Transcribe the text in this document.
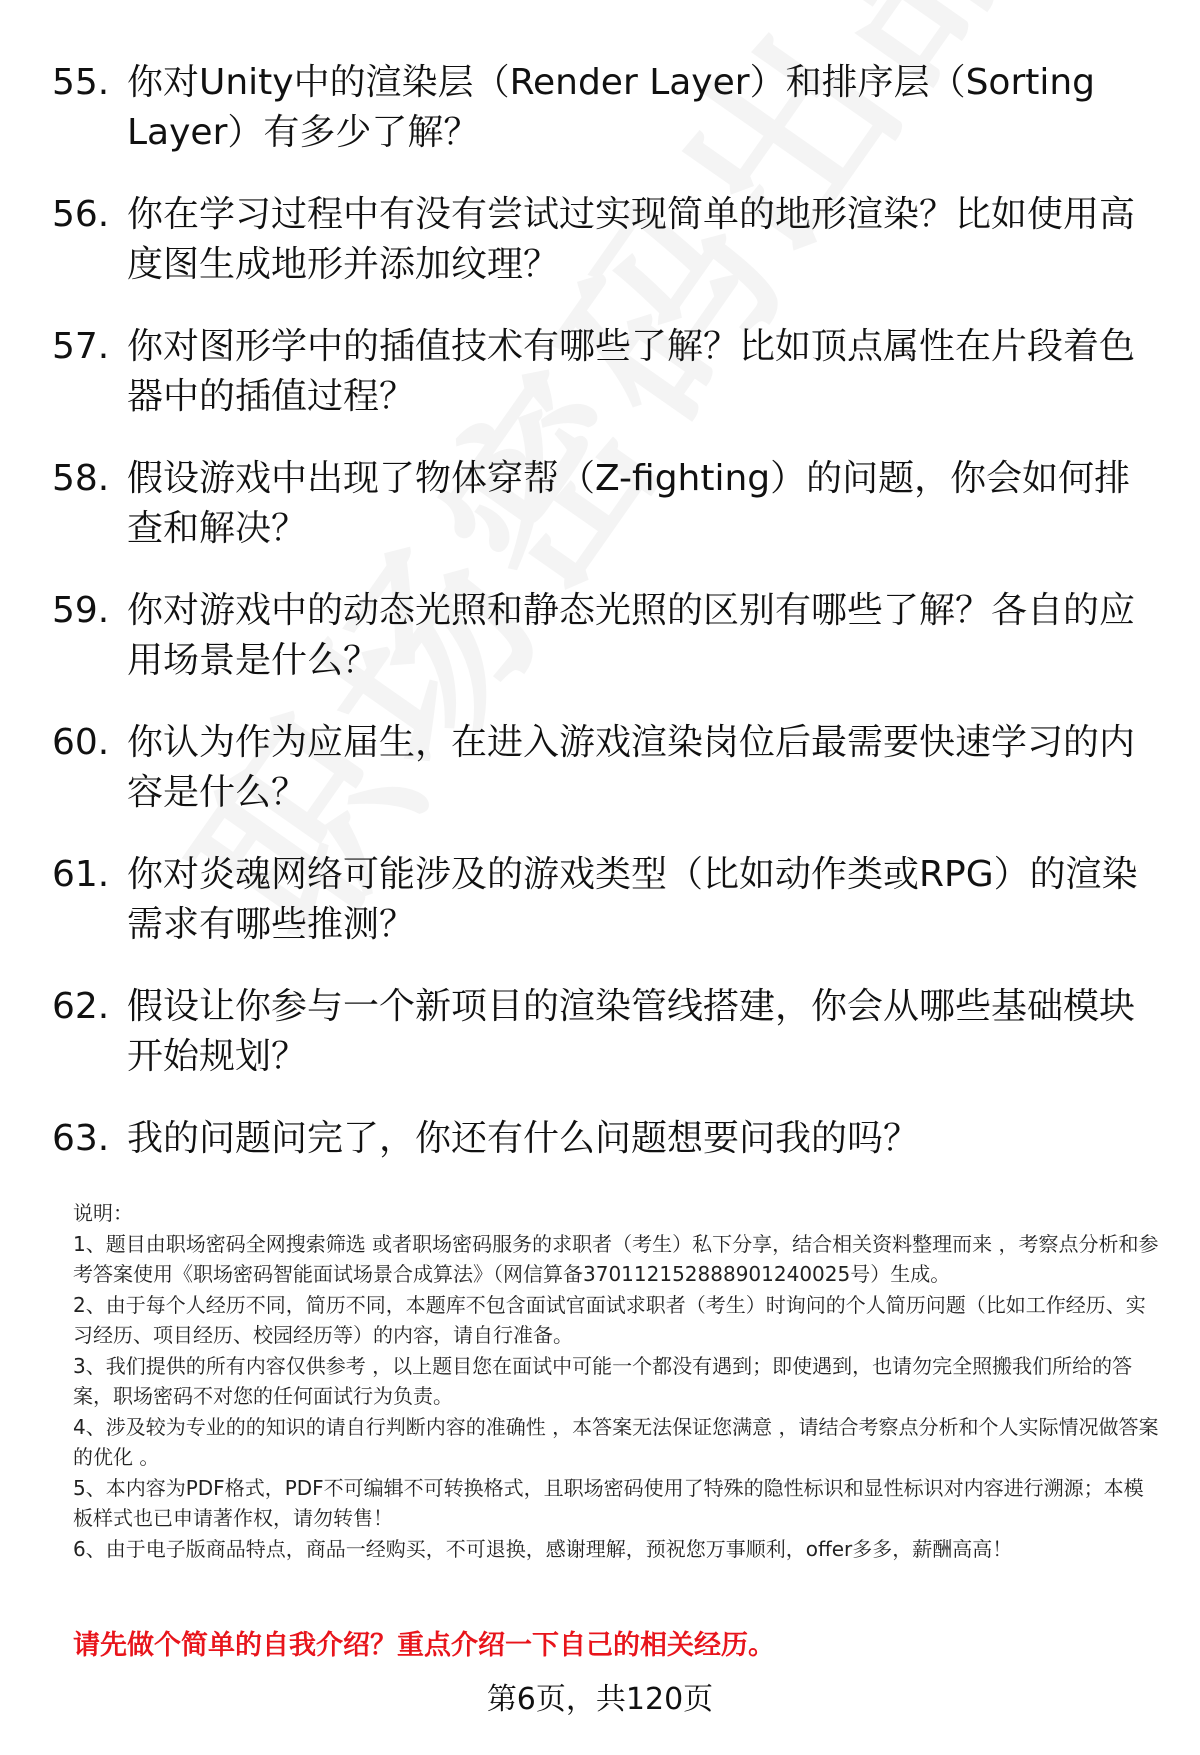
55. 你对Unity中的渲染层（Render Layer）和排序层（Sorting Layer）有多少了解？
56. 你在学习过程中有没有尝试过实现简单的地形渲染？比如使用高度图生成地形并添加纹理？
57. 你对图形学中的插值技术有哪些了解？比如顶点属性在片段着色器中的插值过程？
58. 假设游戏中出现了物体穿帮（Z-fighting）的问题，你会如何排查和解决？
59. 你对游戏中的动态光照和静态光照的区别有哪些了解？各自的应用场景是什么？
60. 你认为作为应届生，在进入游戏渲染岗位后最需要快速学习的内容是什么？
61. 你对炎魂网络可能涉及的游戏类型（比如动作类或RPG）的渲染需求有哪些推测？
62. 假设让你参与一个新项目的渲染管线搭建，你会从哪些基础模块开始规划？
63. 我的问题问完了，你还有什么问题想要问我的吗？

说明：

1、题目由职场密码全网搜索筛选 或者职场密码服务的求职者（考生）私下分享，结合相关资料整理而来 ，考察点分析和参考答案使用《职场密码智能面试场景合成算法》（网信算备370112152888901240025号）生成。

2、由于每个人经历不同，简历不同，本题库不包含面试官面试求职者（考生）时询问的个人简历问题（比如工作经历、实习经历、项目经历、校园经历等）的内容，请自行准备。

3、我们提供的所有内容仅供参考 ，以上题目您在面试中可能一个都没有遇到；即使遇到，也请勿完全照搬我们所给的答案，职场密码不对您的任何面试行为负责。

4、涉及较为专业的的知识的请自行判断内容的准确性 ，本答案无法保证您满意 ，请结合考察点分析和个人实际情况做答案的优化 。

5、本内容为PDF格式，PDF不可编辑不可转换格式，且职场密码使用了特殊的隐性标识和显性标识对内容进行溯源；本模板样式也已申请著作权，请勿转售！

6、由于电子版商品特点，商品一经购买，不可退换，感谢理解，预祝您万事顺利，offer多多，薪酬高高！

请先做个简单的自我介绍？重点介绍一下自己的相关经历。
第6页，共120页
